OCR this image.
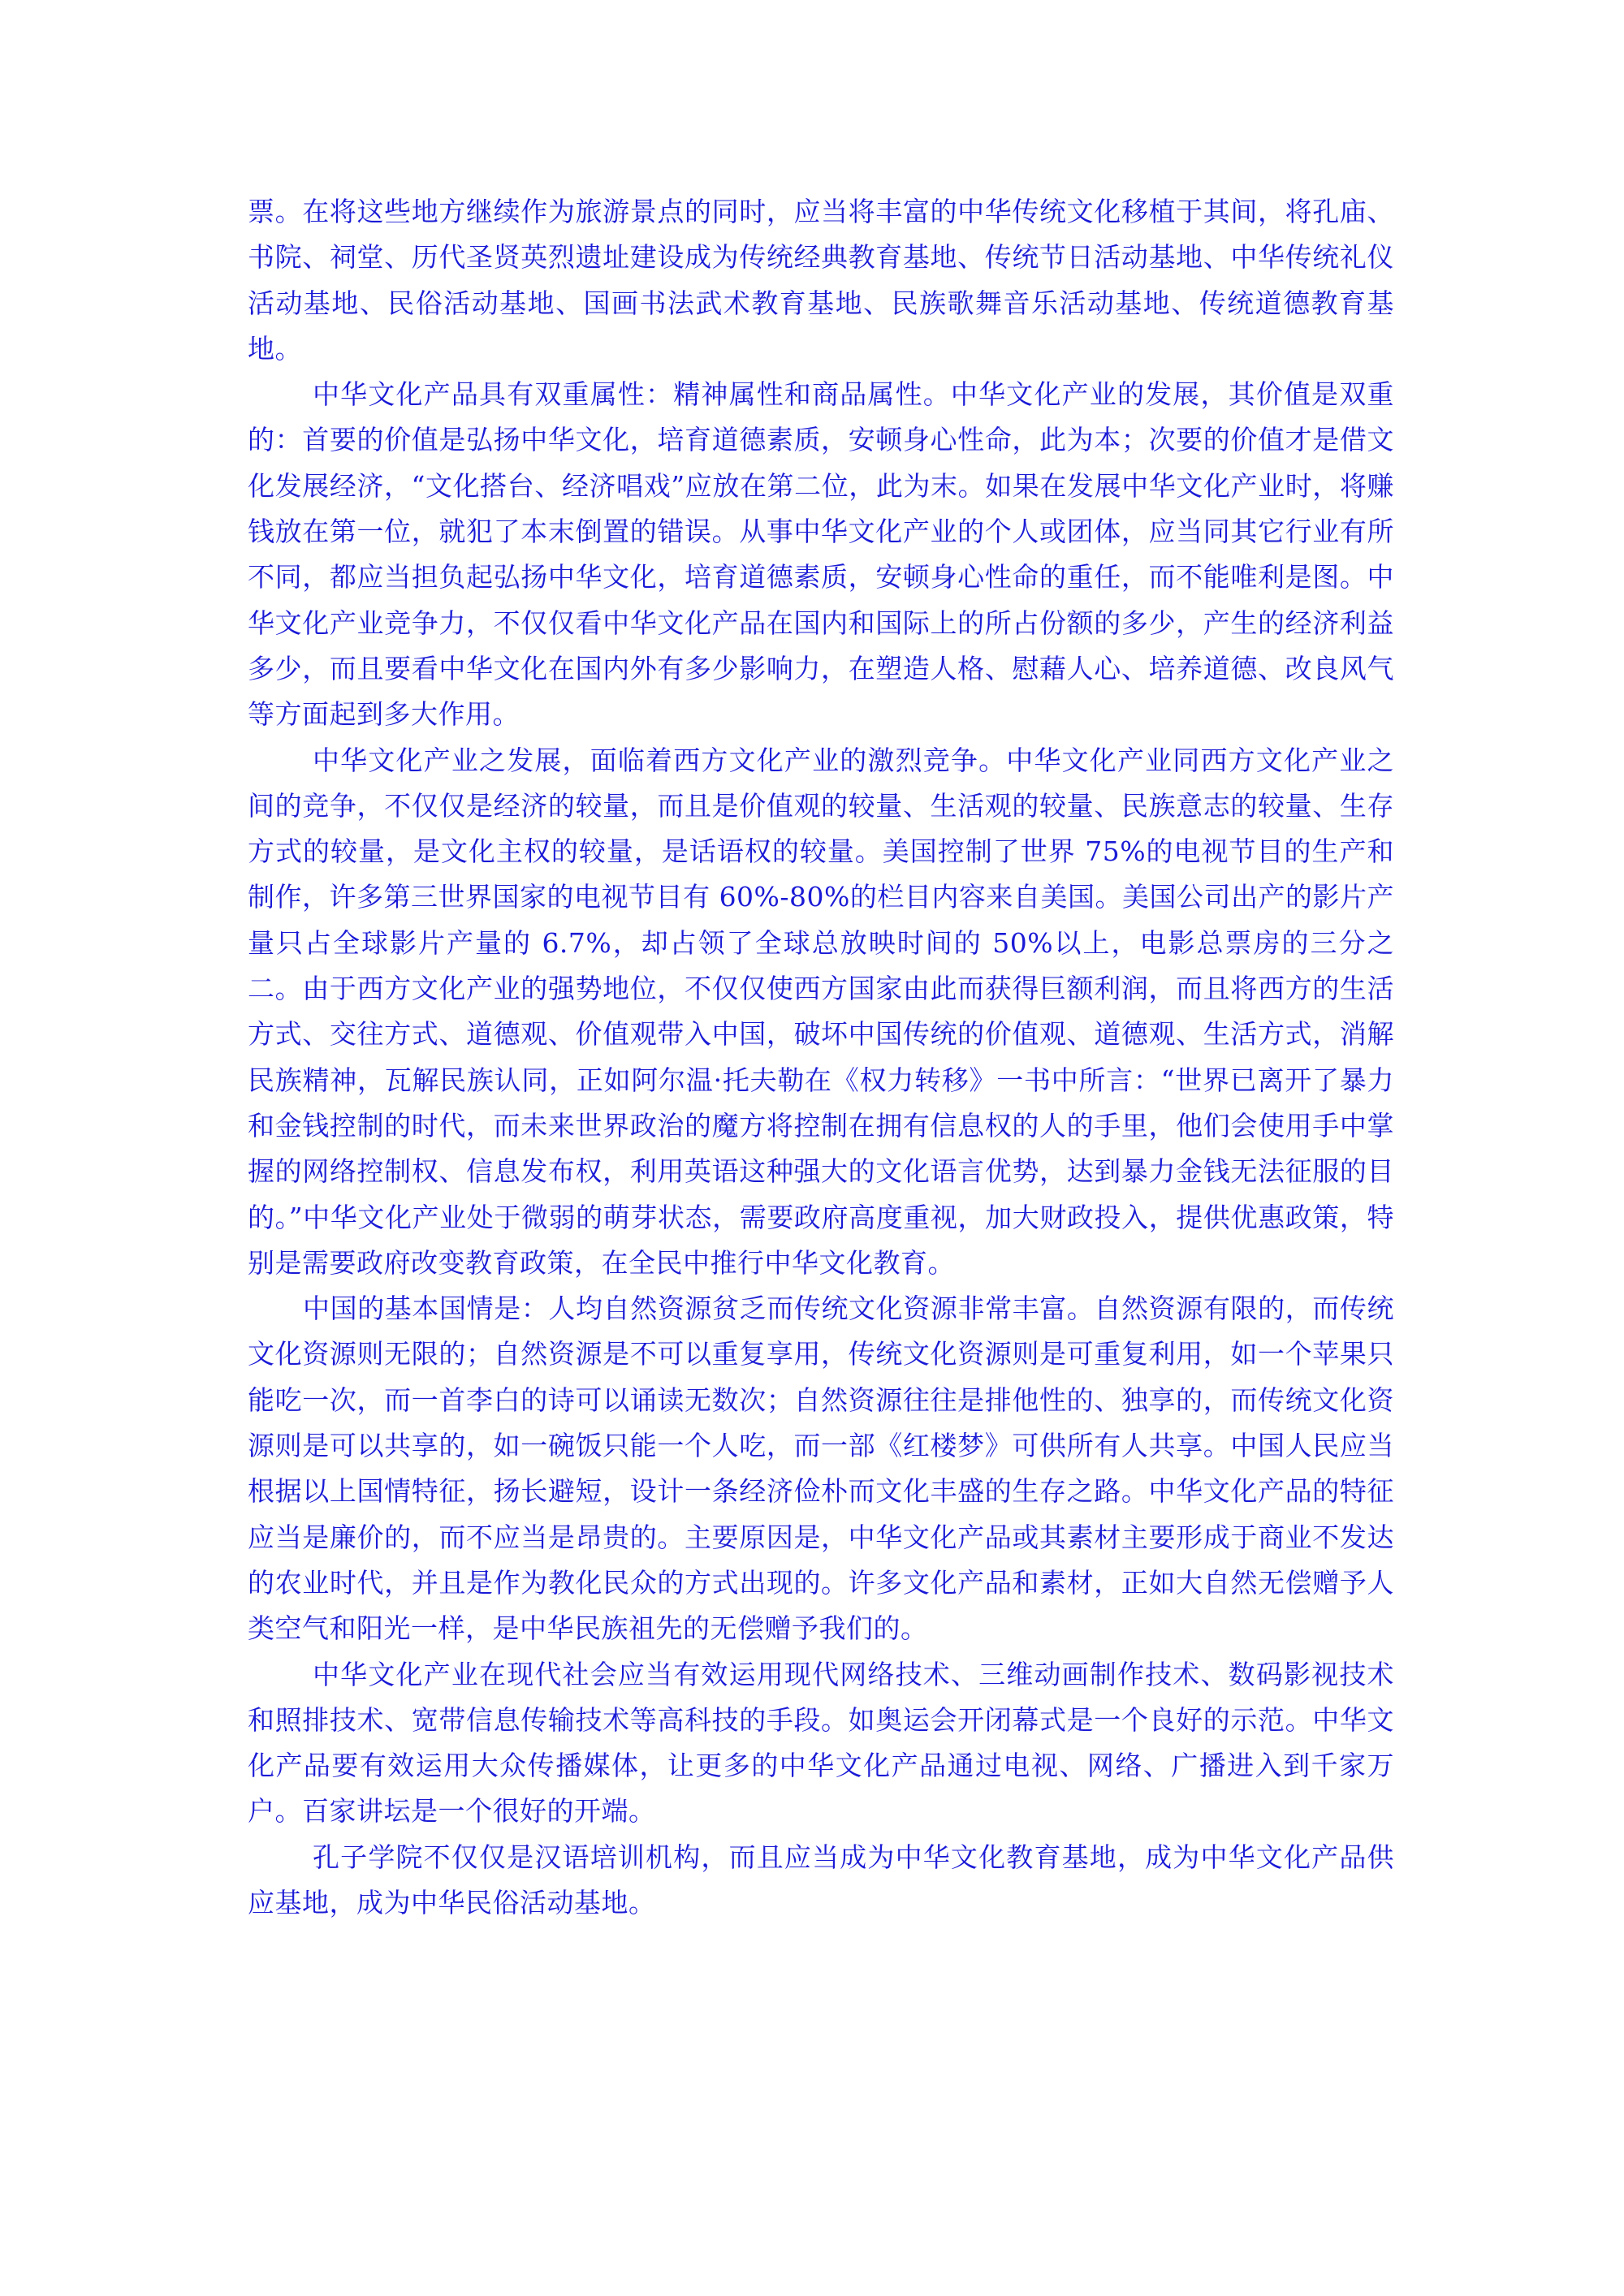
票。在将这些地方继续作为旅游景点的同时，应当将丰富的中华传统文化移植于其间，将孔庙、书院、祠堂、历代圣贤英烈遗址建设成为传统经典教育基地、传统节日活动基地、中华传统礼仪活动基地、民俗活动基地、国画书法武术教育基地、民族歌舞音乐活动基地、传统道德教育基地。

中华文化产品具有双重属性：精神属性和商品属性。中华文化产业的发展，其价值是双重的：首要的价值是弘扬中华文化，培育道德素质，安顿身心性命，此为本；次要的价值才是借文化发展经济，“文化搭台、经济唱戏”应放在第二位，此为末。如果在发展中华文化产业时，将赚钱放在第一位，就犯了本末倒置的错误。从事中华文化产业的个人或团体，应当同其它行业有所不同，都应当担负起弘扬中华文化，培育道德素质，安顿身心性命的重任，而不能唯利是图。中华文化产业竞争力，不仅仅看中华文化产品在国内和国际上的所占份额的多少，产生的经济利益多少，而且要看中华文化在国内外有多少影响力，在塑造人格、慰藉人心、培养道德、改良风气等方面起到多大作用。

中华文化产业之发展，面临着西方文化产业的激烈竞争。中华文化产业同西方文化产业之间的竞争，不仅仅是经济的较量，而且是价值观的较量、生活观的较量、民族意志的较量、生存方式的较量，是文化主权的较量，是话语权的较量。美国控制了世界 75%的电视节目的生产和制作，许多第三世界国家的电视节目有 60%-80%的栏目内容来自美国。美国公司出产的影片产量只占全球影片产量的 6.7%，却占领了全球总放映时间的 50%以上，电影总票房的三分之二。由于西方文化产业的强势地位，不仅仅使西方国家由此而获得巨额利润，而且将西方的生活方式、交往方式、道德观、价值观带入中国，破坏中国传统的价值观、道德观、生活方式，消解民族精神，瓦解民族认同，正如阿尔温·托夫勒在《权力转移》一书中所言：“世界已离开了暴力和金钱控制的时代，而未来世界政治的魔方将控制在拥有信息权的人的手里，他们会使用手中掌握的网络控制权、信息发布权，利用英语这种强大的文化语言优势，达到暴力金钱无法征服的目的。”中华文化产业处于微弱的萌芽状态，需要政府高度重视，加大财政投入，提供优惠政策，特别是需要政府改变教育政策，在全民中推行中华文化教育。

中国的基本国情是：人均自然资源贫乏而传统文化资源非常丰富。自然资源有限的，而传统文化资源则无限的；自然资源是不可以重复享用，传统文化资源则是可重复利用，如一个苹果只能吃一次，而一首李白的诗可以诵读无数次；自然资源往往是排他性的、独享的，而传统文化资源则是可以共享的，如一碗饭只能一个人吃，而一部《红楼梦》可供所有人共享。中国人民应当根据以上国情特征，扬长避短，设计一条经济俭朴而文化丰盛的生存之路。中华文化产品的特征应当是廉价的，而不应当是昂贵的。主要原因是，中华文化产品或其素材主要形成于商业不发达的农业时代，并且是作为教化民众的方式出现的。许多文化产品和素材，正如大自然无偿赠予人类空气和阳光一样，是中华民族祖先的无偿赠予我们的。

中华文化产业在现代社会应当有效运用现代网络技术、三维动画制作技术、数码影视技术和照排技术、宽带信息传输技术等高科技的手段。如奥运会开闭幕式是一个良好的示范。中华文化产品要有效运用大众传播媒体，让更多的中华文化产品通过电视、网络、广播进入到千家万户。百家讲坛是一个很好的开端。

孔子学院不仅仅是汉语培训机构，而且应当成为中华文化教育基地，成为中华文化产品供应基地，成为中华民俗活动基地。
